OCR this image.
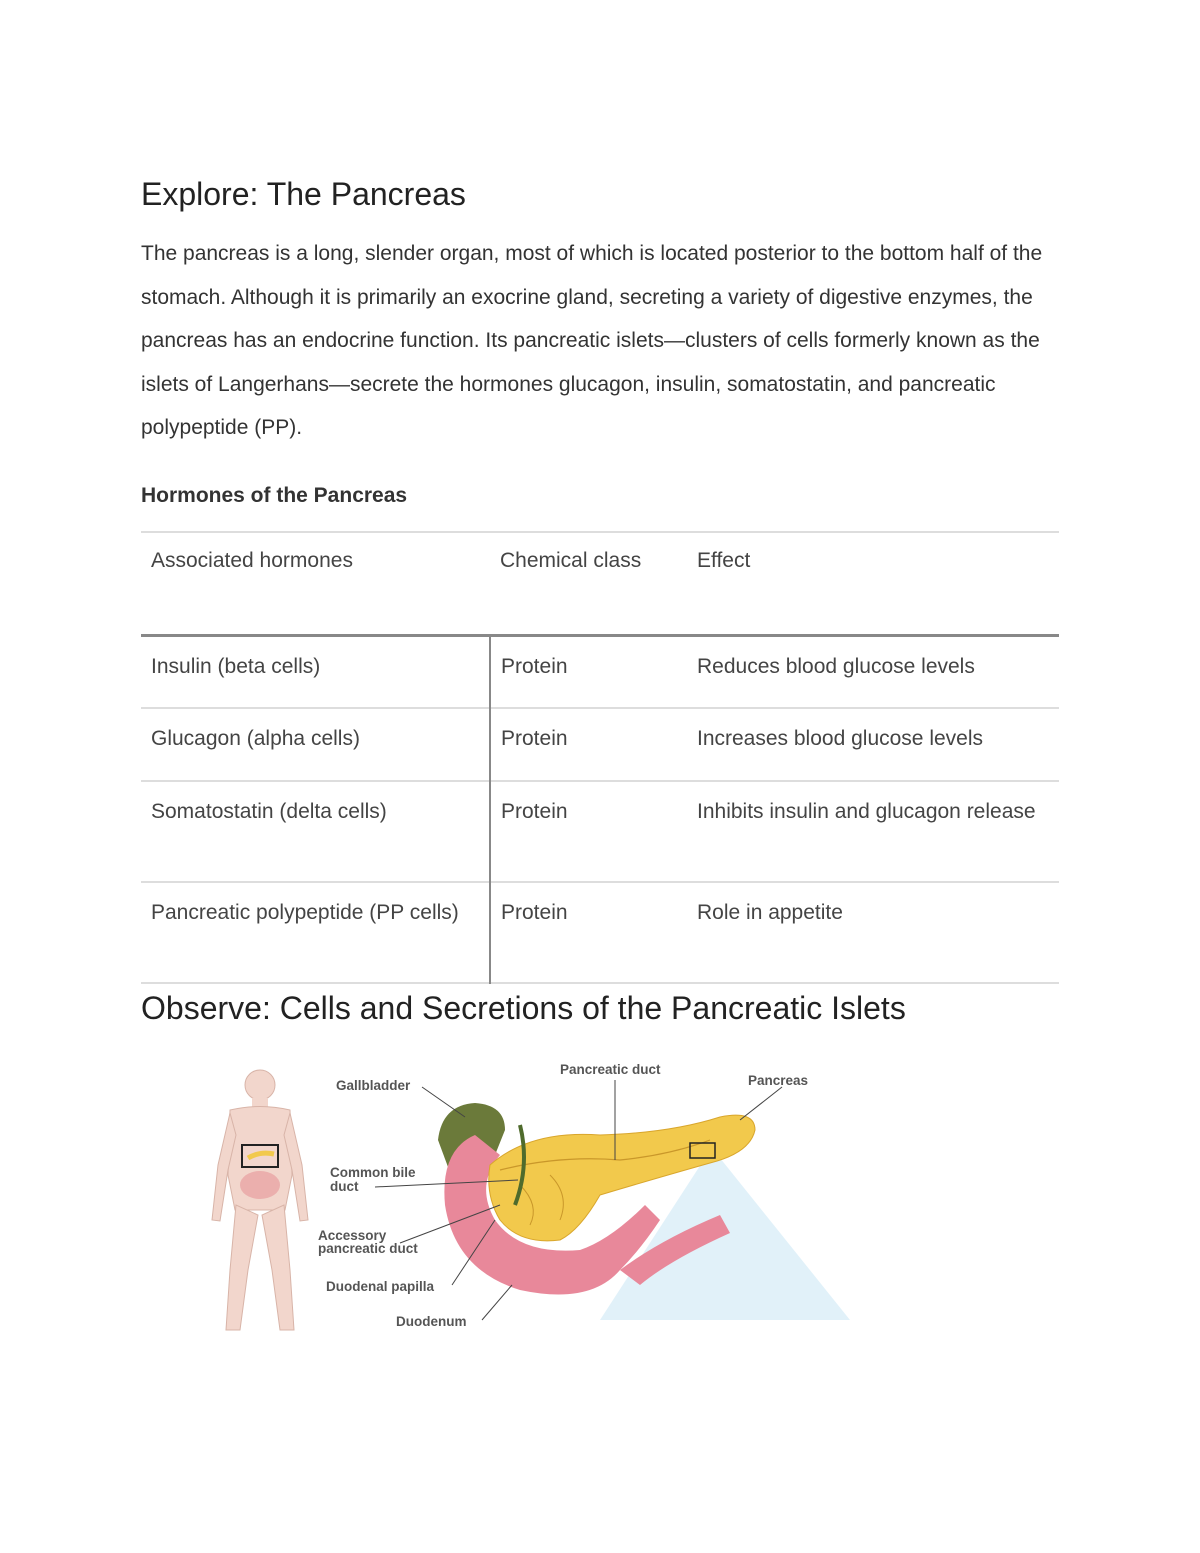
Explore: The Pancreas

The pancreas is a long, slender organ, most of which is located posterior to the bottom half of the stomach. Although it is primarily an exocrine gland, secreting a variety of digestive enzymes, the pancreas has an endocrine function. Its pancreatic islets—clusters of cells formerly known as the islets of Langerhans—secrete the hormones glucagon, insulin, somatostatin, and pancreatic polypeptide (PP).

Hormones of the Pancreas
Associated hormones	Chemical class	Effect
Insulin (beta cells)	Protein	Reduces blood glucose levels
Glucagon (alpha cells)	Protein	Increases blood glucose levels
Somatostatin (delta cells)	Protein	Inhibits insulin and glucagon release
Pancreatic polypeptide (PP cells)	Protein	Role in appetite
Observe: Cells and Secretions of the Pancreatic Islets
Gallbladder
Pancreatic duct
Pancreas
Common bile
duct
Accessory
pancreatic duct
Duodenal papilla
Duodenum
